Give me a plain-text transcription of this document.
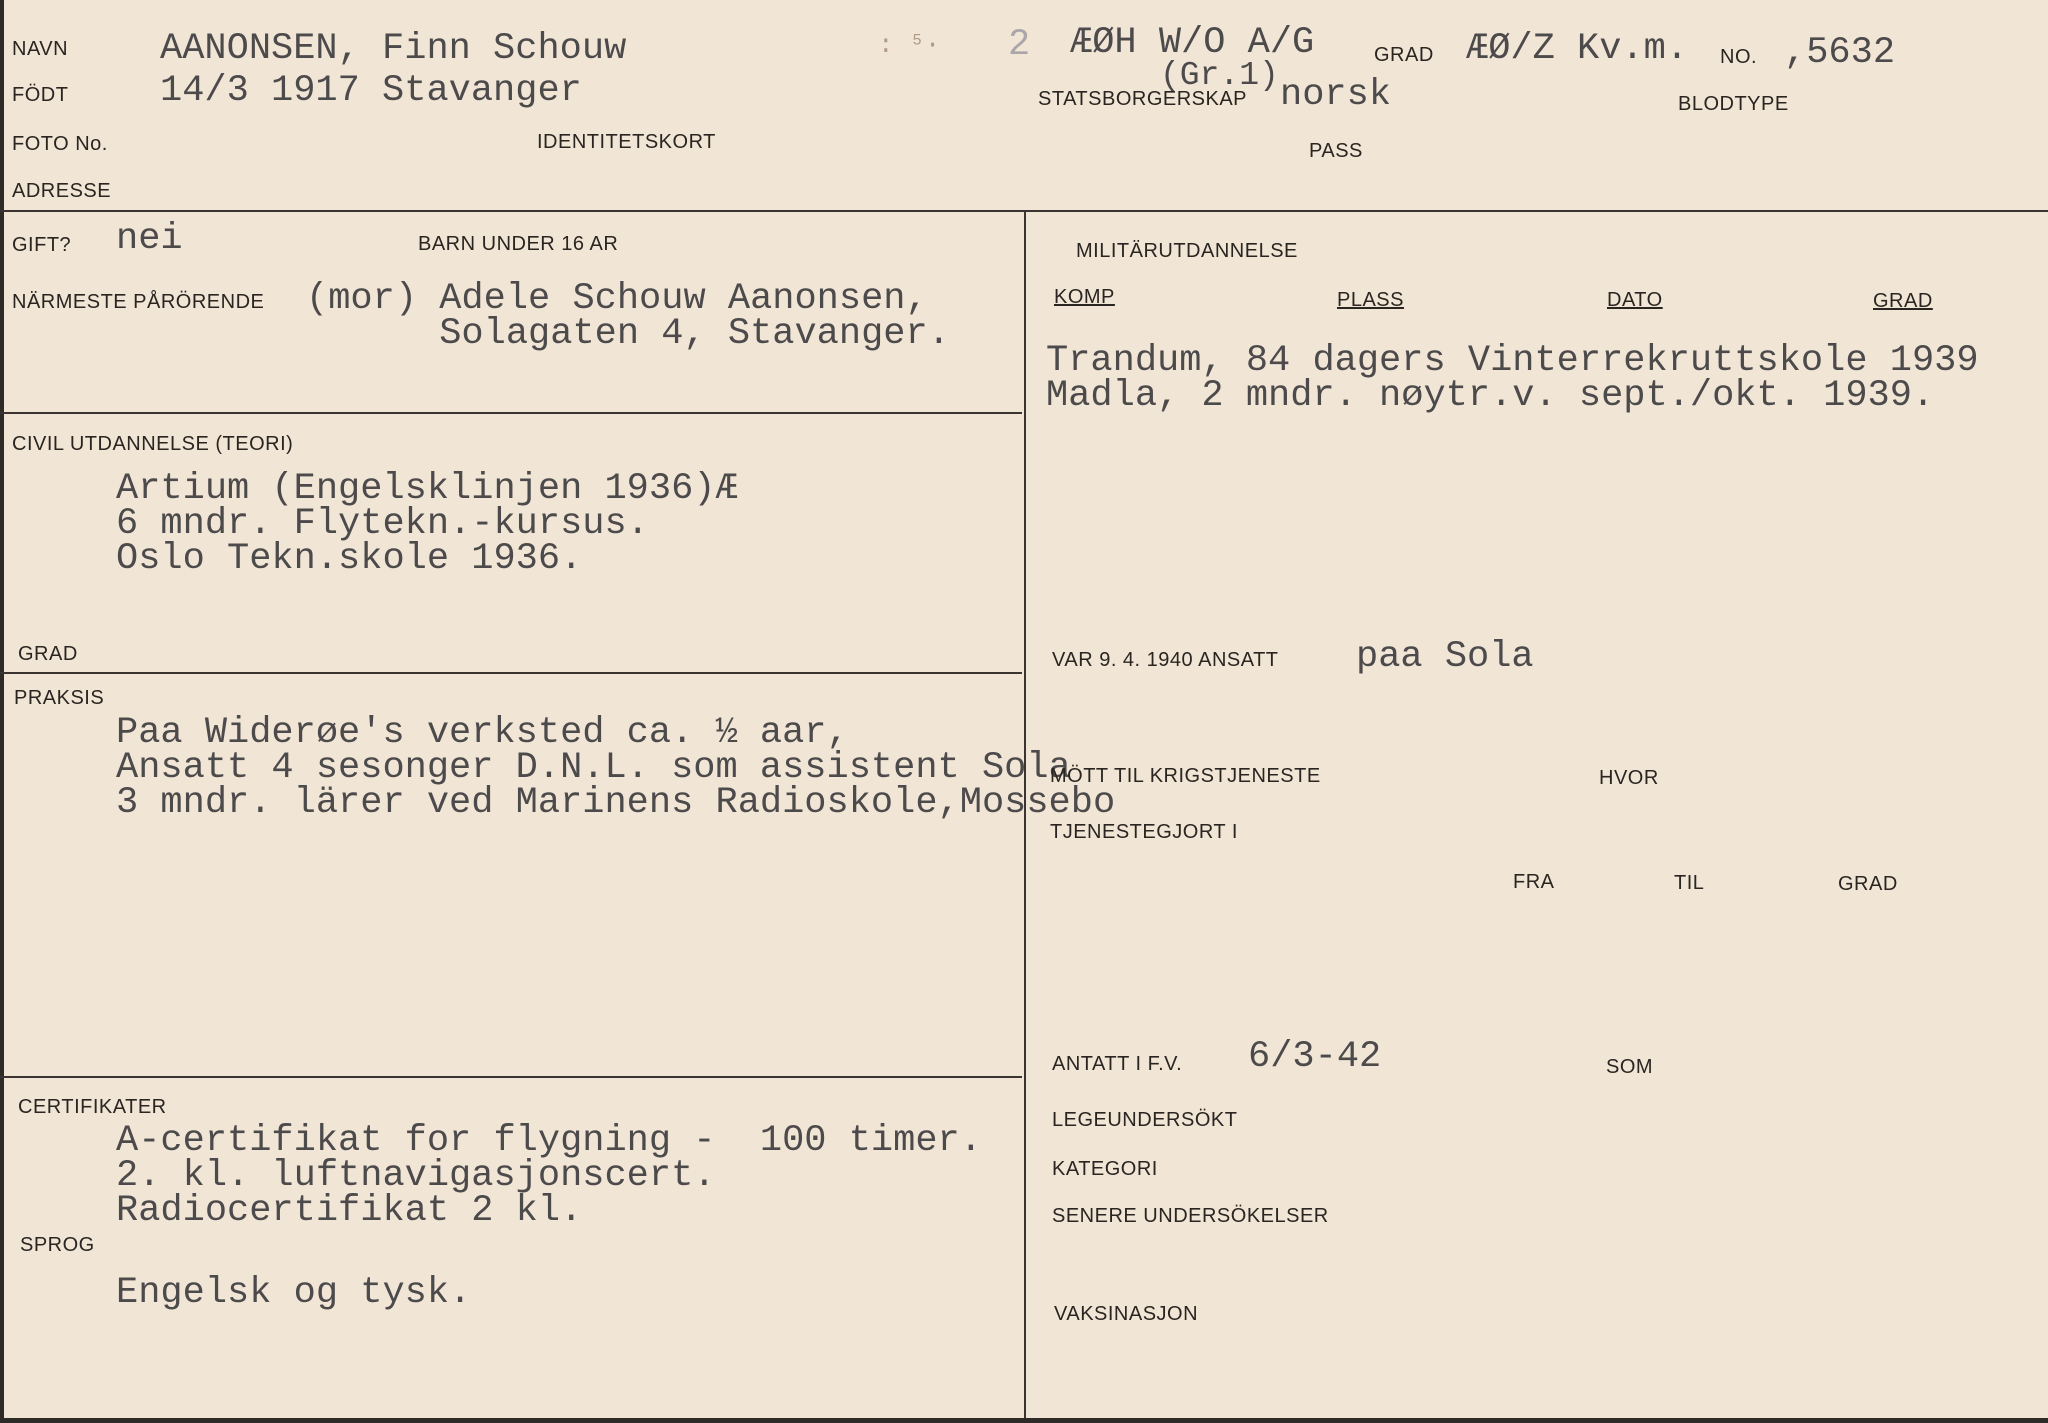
NAVN AANONSEN, Finn Schouw
FÖDT 14/3 1917 Stavanger
FOTO No.	IDENTITETSKORT
ADRESSE
: ⁵· 2 ÆØH W/O A/G
(Gr.1)
GRAD ÆØ/Z Kv.m. NO. ,5632
STATSBORGERSKAP norsk	BLODTYPE
PASS
GIFT? nei	BARN UNDER 16 AR
NÄRMESTE PÅRÖRENDE (mor) Adele Schouw Aanonsen,
Solagaten 4, Stavanger.
CIVIL UTDANNELSE (TEORI)
Artium (Engelsklinjen 1936)Æ
6 mndr. Flytekn.-kursus.
Oslo Tekn.skole 1936.
GRAD
PRAKSIS
Paa Widerøe's verksted ca. ½ aar,
Ansatt 4 sesonger D.N.L. som assistent Sola
3 mndr. lärer ved Marinens Radioskole,Mossebo
CERTIFIKATER
A-certifikat for flygning -  100 timer.
2. kl. luftnavigasjonscert.
Radiocertifikat 2 kl.
SPROG
Engelsk og tysk.
MILITÄRUTDANNELSE
KOMP	PLASS	DATO	GRAD
Trandum, 84 dagers Vinterrekruttskole 1939
Madla, 2 mndr. nøytr.v. sept./okt. 1939.
VAR 9. 4. 1940 ANSATT paa Sola
MÖTT TIL KRIGSTJENESTE	HVOR
TJENESTEGJORT I
FRA	TIL	GRAD
ANTATT I F.V. 6/3-42	SOM
LEGEUNDERSÖKT
KATEGORI
SENERE UNDERSÖKELSER
VAKSINASJON
